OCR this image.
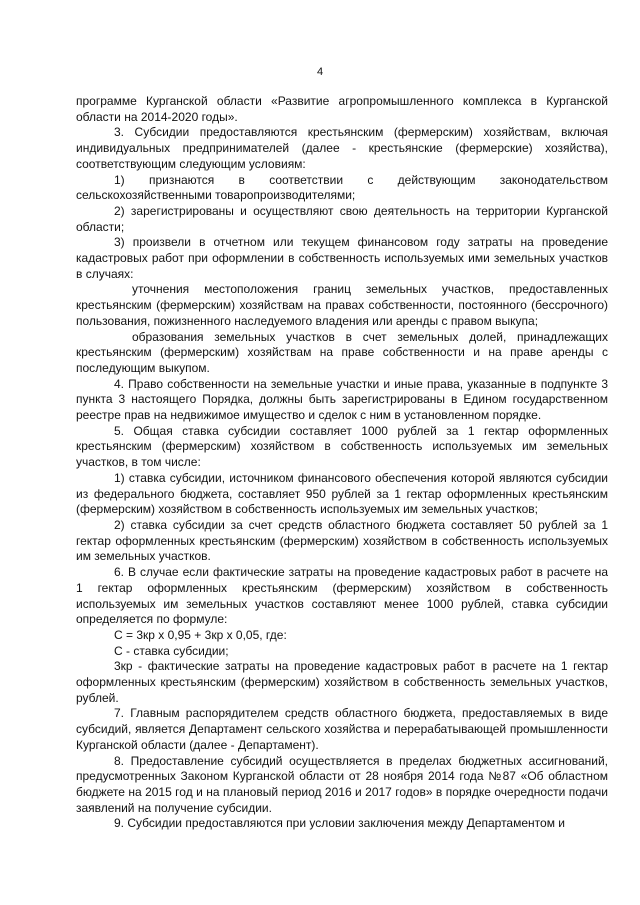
4

программе Курганской области «Развитие агропромышленного комплекса в Курганской области на 2014-2020 годы».

3. Субсидии предоставляются крестьянским (фермерским) хозяйствам, включая индивидуальных предпринимателей (далее - крестьянские (фермерские) хозяйства), соответствующим следующим условиям:

1) признаются в соответствии с действующим законодательством сельскохозяйственными товаропроизводителями;

2) зарегистрированы и осуществляют свою деятельность на территории Курганской области;

3) произвели в отчетном или текущем финансовом году затраты на проведение кадастровых работ при оформлении в собственность используемых ими земельных участков в случаях:

уточнения местоположения границ земельных участков, предоставленных крестьянским (фермерским) хозяйствам на правах собственности, постоянного (бессрочного) пользования, пожизненного наследуемого владения или аренды с правом выкупа;

образования земельных участков в счет земельных долей, принадлежащих крестьянским (фермерским) хозяйствам на праве собственности и на праве аренды с последующим выкупом.

4. Право собственности на земельные участки и иные права, указанные в подпункте 3 пункта 3 настоящего Порядка, должны быть зарегистрированы в Едином государственном реестре прав на недвижимое имущество и сделок с ним в установленном порядке.

5. Общая ставка субсидии составляет 1000 рублей за 1 гектар оформленных крестьянским (фермерским) хозяйством в собственность используемых им земельных участков, в том числе:

1) ставка субсидии, источником финансового обеспечения которой являются субсидии из федерального бюджета, составляет 950 рублей за 1 гектар оформленных крестьянским (фермерским) хозяйством в собственность используемых им земельных участков;

2) ставка субсидии за счет средств областного бюджета составляет 50 рублей за 1 гектар оформленных крестьянским (фермерским) хозяйством в собственность используемых им земельных участков.

6. В случае если фактические затраты на проведение кадастровых работ в расчете на 1 гектар оформленных крестьянским (фермерским) хозяйством в собственность используемых им земельных участков составляют менее 1000 рублей, ставка субсидии определяется по формуле:

С = 3кр х 0,95 + 3кр х 0,05, где:

С - ставка субсидии;

3кр - фактические затраты на проведение кадастровых работ в расчете на 1 гектар оформленных крестьянским (фермерским) хозяйством в собственность земельных участков, рублей.

7. Главным распорядителем средств областного бюджета, предоставляемых в виде субсидий, является Департамент сельского хозяйства и перерабатывающей промышленности Курганской области (далее - Департамент).

8. Предоставление субсидий осуществляется в пределах бюджетных ассигнований, предусмотренных Законом Курганской области от 28 ноября 2014 года №87 «Об областном бюджете на 2015 год и на плановый период 2016 и 2017 годов» в порядке очередности подачи заявлений на получение субсидии.

9. Субсидии предоставляются при условии заключения между Департаментом и
